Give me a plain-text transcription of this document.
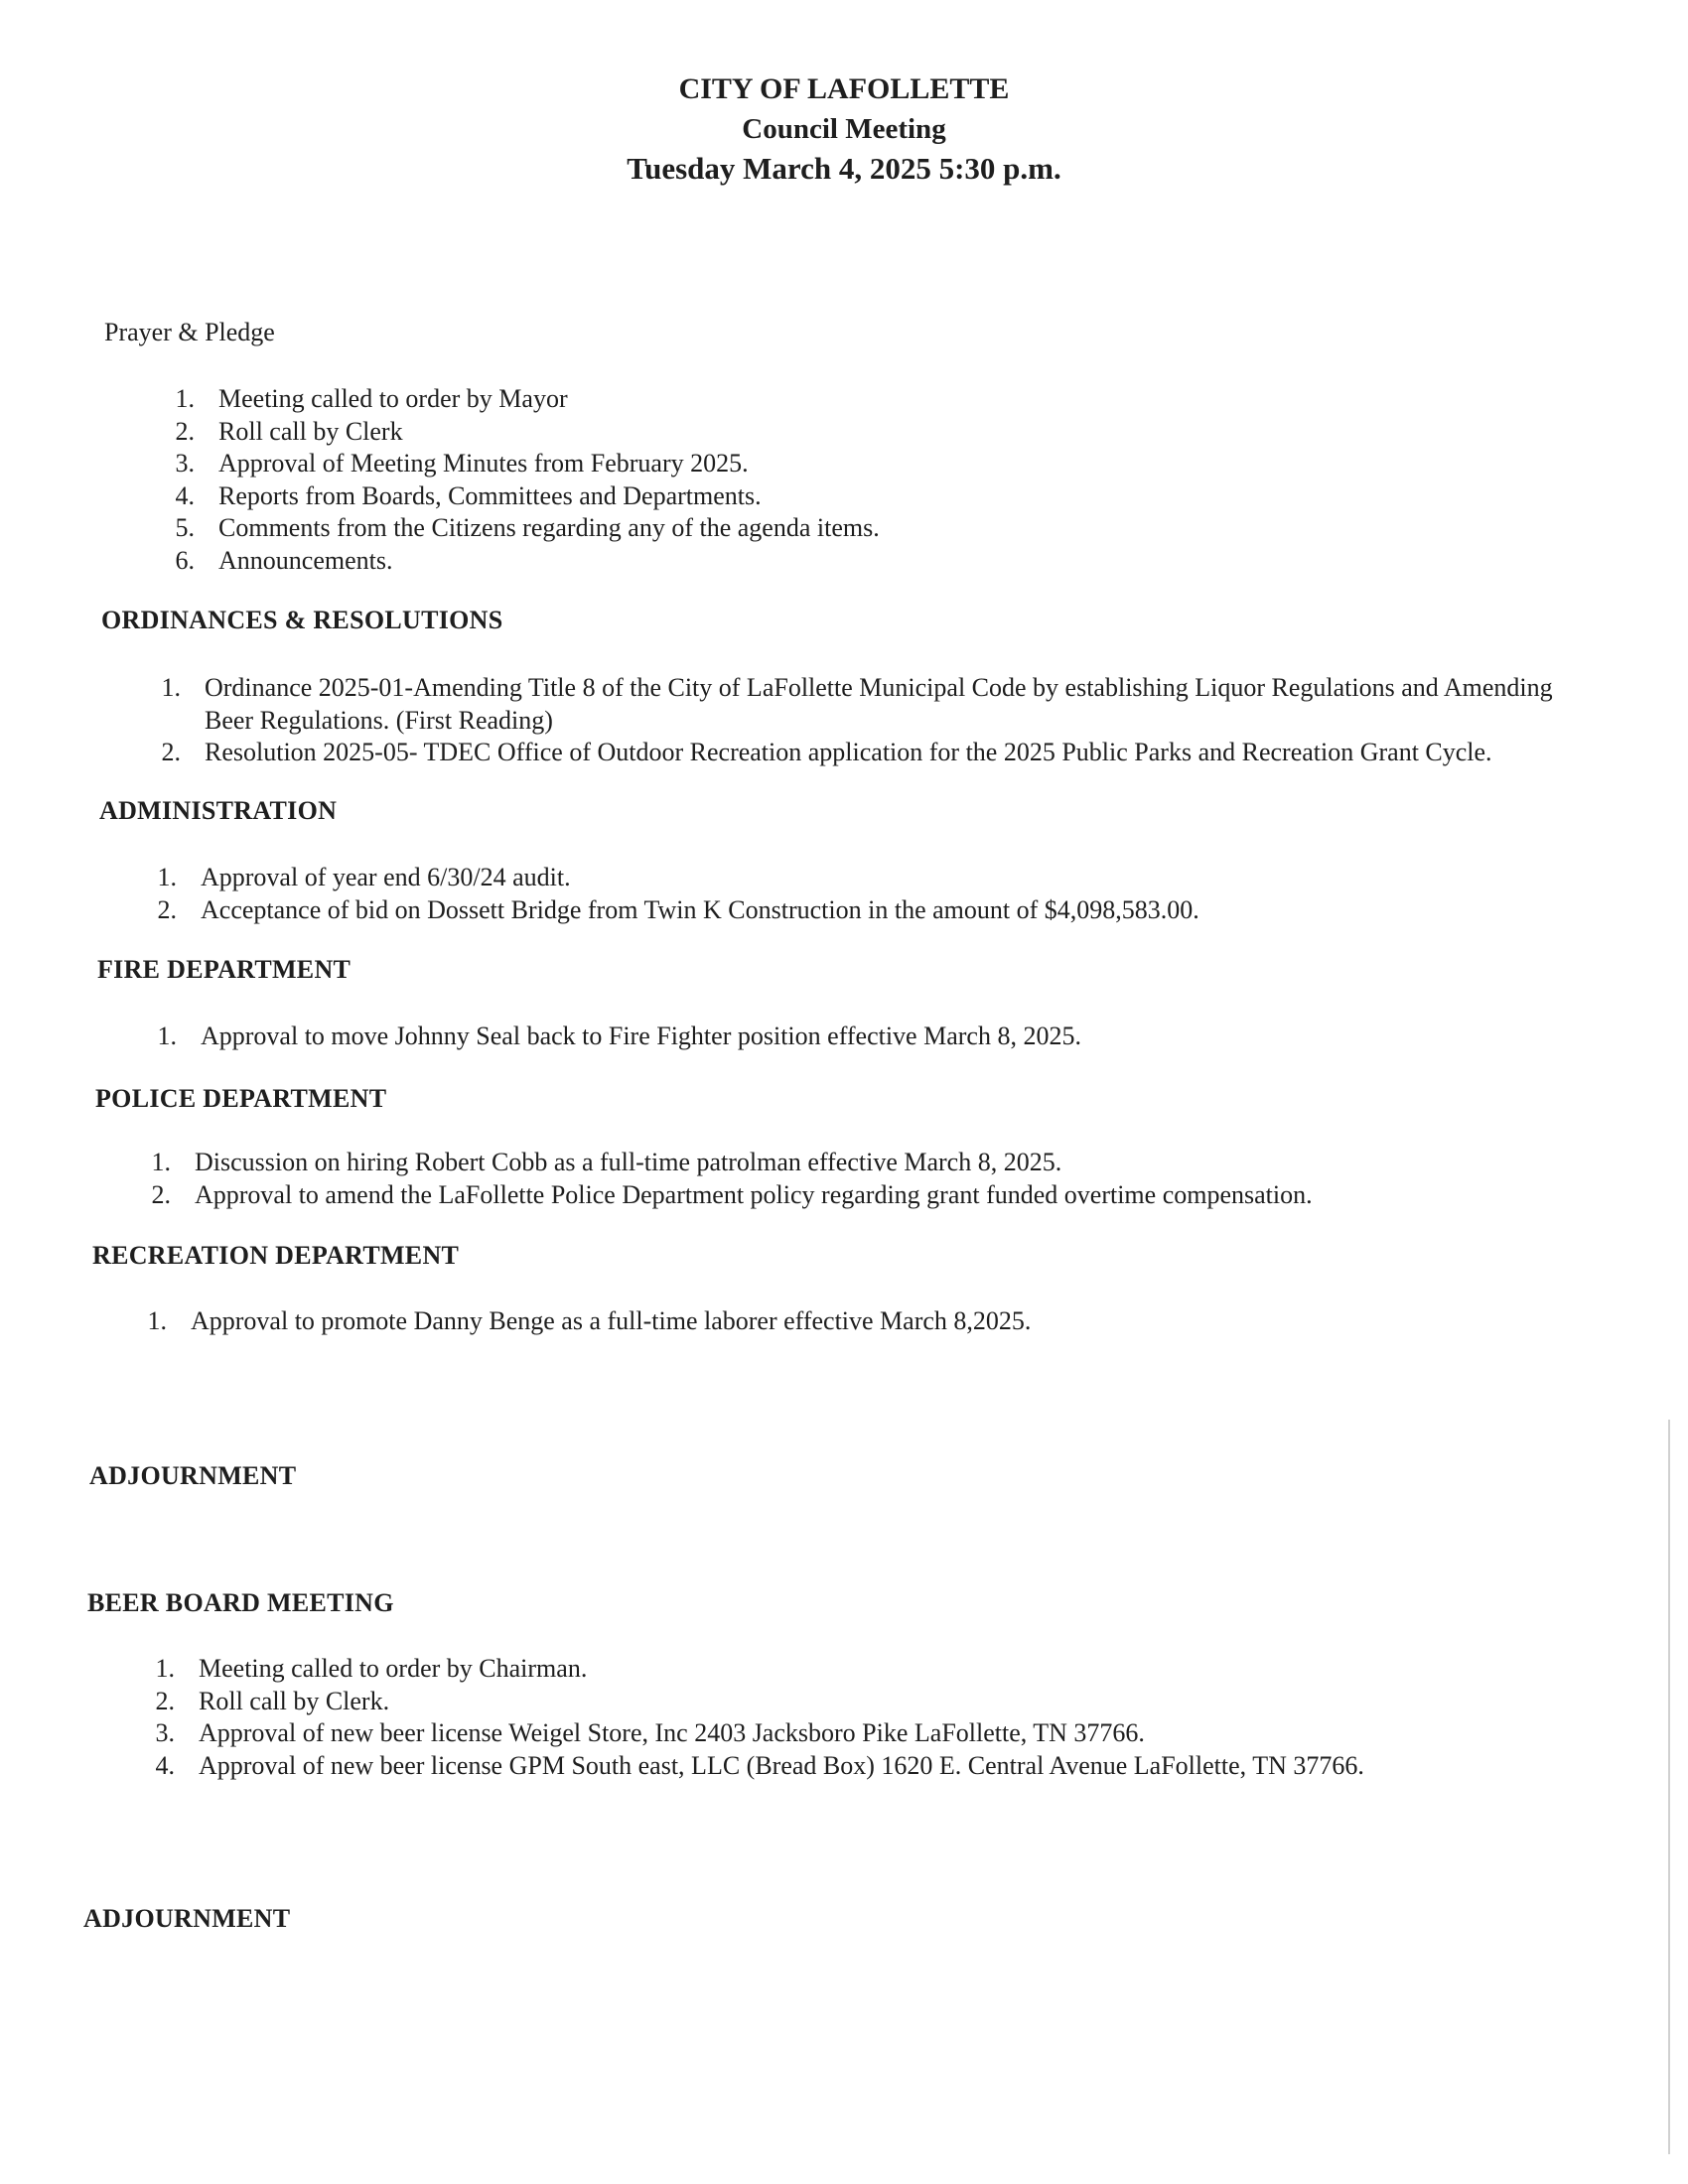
CITY OF LAFOLLETTE
Council Meeting
Tuesday March 4, 2025 5:30 p.m.
Prayer & Pledge
1. Meeting called to order by Mayor
2. Roll call by Clerk
3. Approval of Meeting Minutes from February 2025.
4. Reports from Boards, Committees and Departments.
5. Comments from the Citizens regarding any of the agenda items.
6. Announcements.
ORDINANCES & RESOLUTIONS
1. Ordinance 2025-01-Amending Title 8 of the City of LaFollette Municipal Code by establishing Liquor Regulations and Amending Beer Regulations. (First Reading)
2. Resolution 2025-05- TDEC Office of Outdoor Recreation application for the 2025 Public Parks and Recreation Grant Cycle.
ADMINISTRATION
1. Approval of year end 6/30/24 audit.
2. Acceptance of bid on Dossett Bridge from Twin K Construction in the amount of $4,098,583.00.
FIRE DEPARTMENT
1. Approval to move Johnny Seal back to Fire Fighter position effective March 8, 2025.
POLICE DEPARTMENT
1. Discussion on hiring Robert Cobb as a full-time patrolman effective March 8, 2025.
2. Approval to amend the LaFollette Police Department policy regarding grant funded overtime compensation.
RECREATION DEPARTMENT
1. Approval to promote Danny Benge as a full-time laborer effective March 8,2025.
ADJOURNMENT
BEER BOARD MEETING
1. Meeting called to order by Chairman.
2. Roll call by Clerk.
3. Approval of new beer license Weigel Store, Inc 2403 Jacksboro Pike LaFollette, TN 37766.
4. Approval of new beer license GPM South east, LLC (Bread Box) 1620 E. Central Avenue LaFollette, TN 37766.
ADJOURNMENT
